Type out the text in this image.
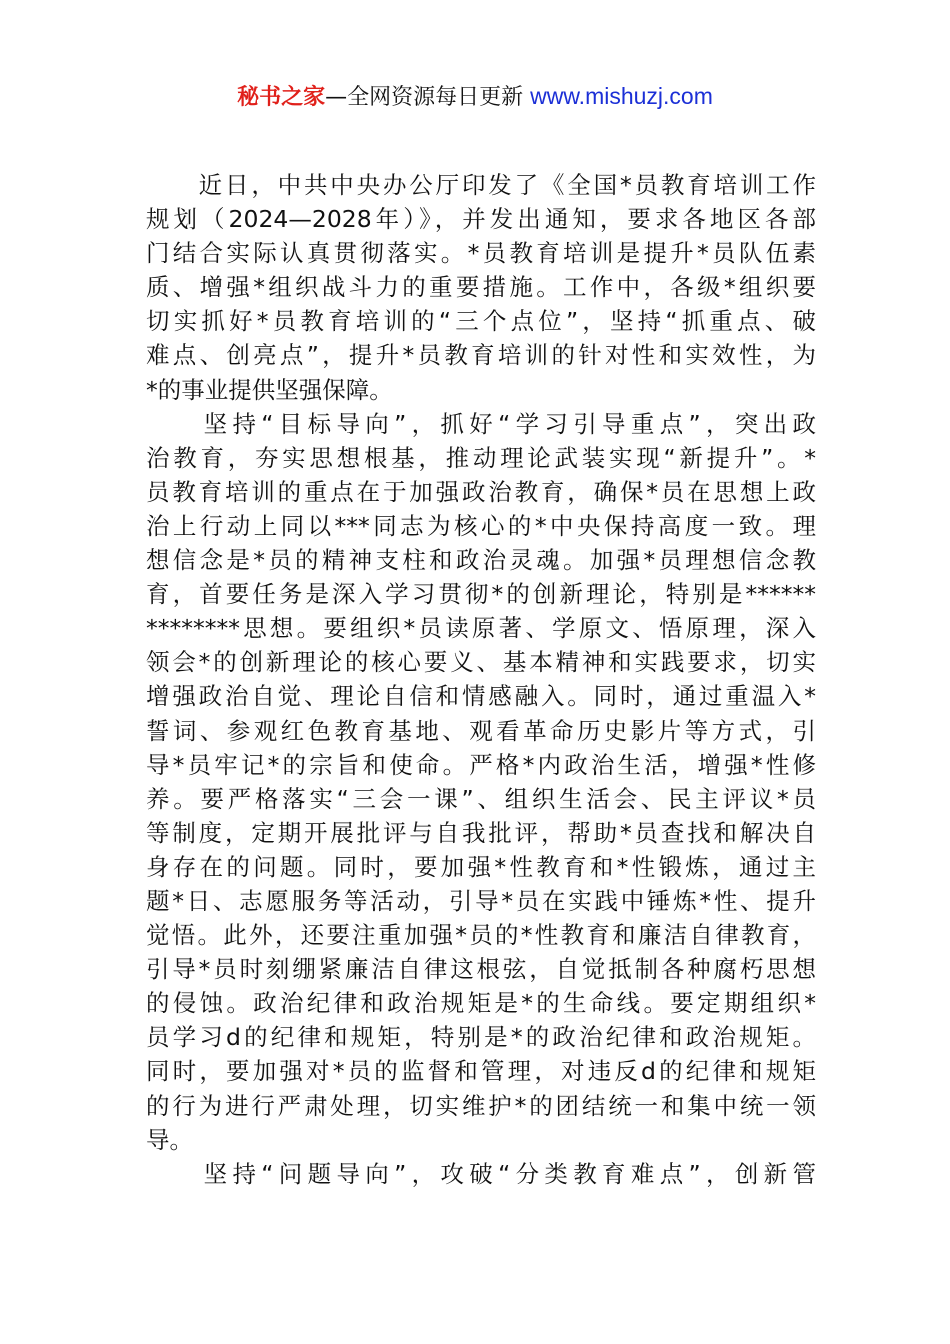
秘书之家—全网资源每日更新 www.mishuzj.com
　　近日，中共中央办公厅印发了《全国*员教育培训工作
规划（2024—2028年）》，并发出通知，要求各地区各部
门结合实际认真贯彻落实。*员教育培训是提升*员队伍素
质、增强*组织战斗力的重要措施。工作中，各级*组织要
切实抓好*员教育培训的“三个点位”，坚持“抓重点、破
难点、创亮点”，提升*员教育培训的针对性和实效性，为
*的事业提供坚强保障。
　　坚持“目标导向”，抓好“学习引导重点”，突出政
治教育，夯实思想根基，推动理论武装实现“新提升”。*
员教育培训的重点在于加强政治教育，确保*员在思想上政
治上行动上同以***同志为核心的*中央保持高度一致。理
想信念是*员的精神支柱和政治灵魂。加强*员理想信念教
育，首要任务是深入学习贯彻*的创新理论，特别是******
********思想。要组织*员读原著、学原文、悟原理，深入
领会*的创新理论的核心要义、基本精神和实践要求，切实
增强政治自觉、理论自信和情感融入。同时，通过重温入*
誓词、参观红色教育基地、观看革命历史影片等方式，引
导*员牢记*的宗旨和使命。严格*内政治生活，增强*性修
养。要严格落实“三会一课”、组织生活会、民主评议*员
等制度，定期开展批评与自我批评，帮助*员查找和解决自
身存在的问题。同时，要加强*性教育和*性锻炼，通过主
题*日、志愿服务等活动，引导*员在实践中锤炼*性、提升
觉悟。此外，还要注重加强*员的*性教育和廉洁自律教育，
引导*员时刻绷紧廉洁自律这根弦，自觉抵制各种腐朽思想
的侵蚀。政治纪律和政治规矩是*的生命线。要定期组织*
员学习d的纪律和规矩，特别是*的政治纪律和政治规矩。
同时，要加强对*员的监督和管理，对违反d的纪律和规矩
的行为进行严肃处理，切实维护*的团结统一和集中统一领
导。
　　坚持“问题导向”，攻破“分类教育难点”，创新管
